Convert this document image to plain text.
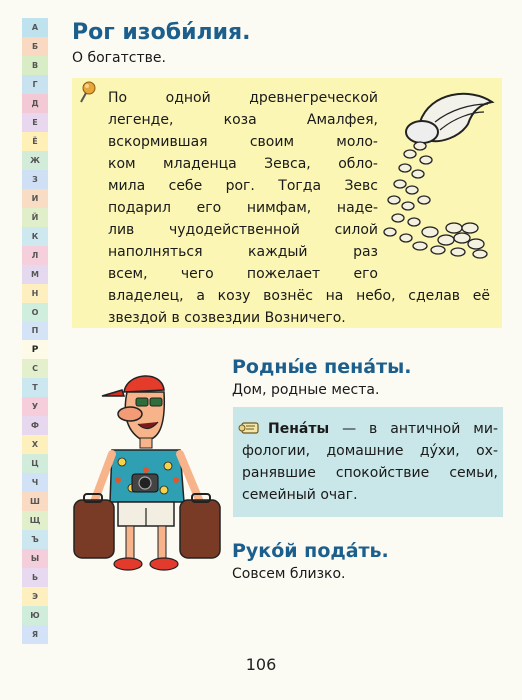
А
Б
В
Г
Д
Е
Ё
Ж
З
И
Й
К
Л
М
Н
О
П
Р
С
Т
У
Ф
Х
Ц
Ч
Ш
Щ
Ъ
Ы
Ь
Э
Ю
Я
Рог изоби́лия.
О богатстве.
По одной древнегреческой
легенде, коза Амалфея,
вскормившая своим моло-
ком младенца Зевса, обло-
мила себе рог. Тогда Зевс
подарил его нимфам, наде-
лив чудодейственной силой
наполняться каждый раз
всем, чего пожелает его
владелец, а козу вознёс на небо, сделав её
звездой в созвездии Возничего.
Родны́е пена́ты.
Дом, родные места.
Пена́ты — в античной ми-
фологии, домашние ду́хи, ох-
ранявшие спокойствие семьи,
семейный очаг.
Руко́й пода́ть.
Совсем близко.
106
